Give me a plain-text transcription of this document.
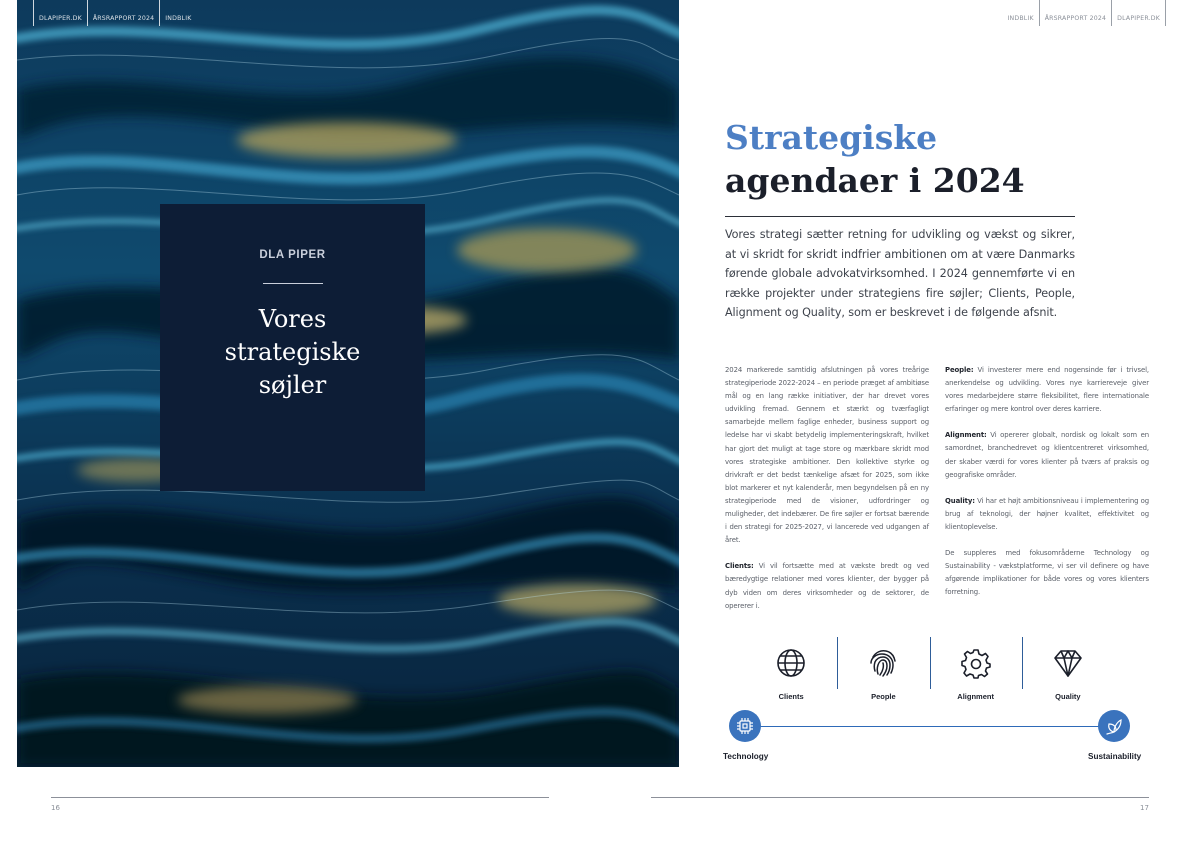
DLAPIPER.DK	ÅRSRAPPORT 2024	INDBLIK
DLA PIPER
Vores strategiske søjler
16
INDBLIK	ÅRSRAPPORT 2024	DLAPIPER.DK
Strategiske
agendaer i 2024

Vores strategi sætter retning for udvikling og vækst og sikrer, at vi skridt for skridt indfrier ambitionen om at være Danmarks førende globale advokatvirksomhed. I 2024 gennemførte vi en række projekter under strategiens fire søjler; Clients, People, Alignment og Quality, som er beskrevet i de følgende afsnit.

2024 markerede samtidig afslutningen på vores treårige strategiperiode 2022-2024 – en periode præget af ambitiøse mål og en lang række initiativer, der har drevet vores udvikling fremad. Gennem et stærkt og tværfagligt samarbejde mellem faglige enheder, business support og ledelse har vi skabt betydelig implementeringskraft, hvilket har gjort det muligt at tage store og mærkbare skridt mod vores strategiske ambitioner. Den kollektive styrke og drivkraft er det bedst tænkelige afsæt for 2025, som ikke blot markerer et nyt kalenderår, men begyndelsen på en ny strategiperiode med de visioner, udfordringer og muligheder, det indebærer. De fire søjler er fortsat bærende i den strategi for 2025-2027, vi lancerede ved udgangen af året.

Clients: Vi vil fortsætte med at vækste bredt og ved bæredygtige relationer med vores klienter, der bygger på dyb viden om deres virksomheder og de sektorer, de opererer i.

People: Vi investerer mere end nogensinde før i trivsel, anerkendelse og udvikling. Vores nye karriereveje giver vores medarbejdere større fleksibilitet, flere internationale erfaringer og mere kontrol over deres karriere.

Alignment: Vi opererer globalt, nordisk og lokalt som en samordnet, branchedrevet og klientcentreret virksomhed, der skaber værdi for vores klienter på tværs af praksis og geografiske områder.

Quality: Vi har et højt ambitionsniveau i implementering og brug af teknologi, der højner kvalitet, effektivitet og klientoplevelse.

De suppleres med fokusområderne Technology og Sustainability - vækstplatforme, vi ser vil definere og have afgørende implikationer for både vores og vores klienters forretning.

Clients	People	Alignment	Quality
Technology	Sustainability
17
